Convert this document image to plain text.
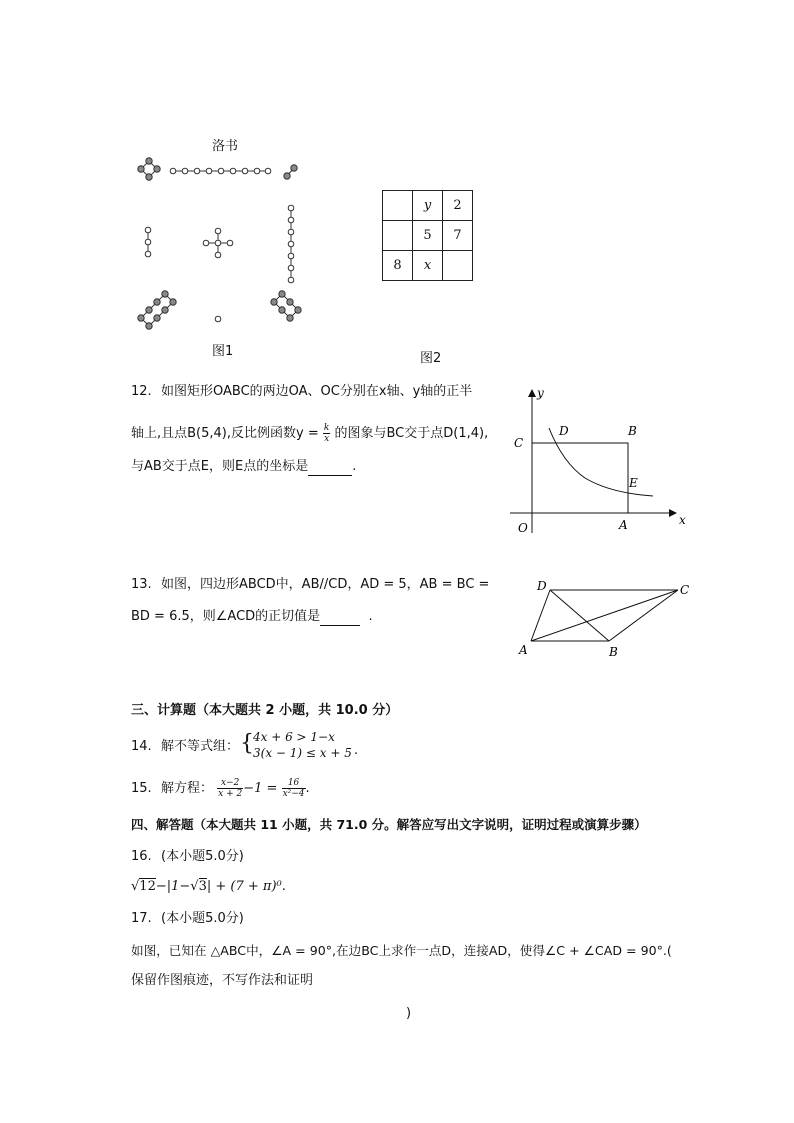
洛书
图1
	y	2
	5	7
8	x	
图2
12. 如图矩形OABC的两边OA、OC分别在x轴、y轴的正半
轴上,且点B(5,4),反比例函数$y = \frac{k}{x}$ 的图象与BC交于点D(1,4),
与AB交于点E，则E点的坐标是	.
y
x
O
C
D	B
E
A
13. 如图，四边形ABCD中，AB//CD，AD = 5，AB = BC =
BD = 6.5，则∠ACD的正切值是	.
D	C
A	B
三、计算题（本大题共 2 小题，共 10.0 分）
14. 解不等式组： { 4x + 6 > 1−x
3(x − 1) ≤ x + 5 .
15. 解方程： $\frac{x-2}{x + 2} -1 = \frac{16}{\text{x²−4}}$ .
四、解答题（本大题共 11 小题，共 71.0 分。解答应写出文字说明，证明过程或演算步骤）
16. (本小题5.0分)
√12−|1−√3| + (7 + π)⁰.
17. (本小题5.0分)
如图，已知在 △ABC中，∠A = 90°,在边BC上求作一点D，连接AD，使得∠C + ∠CAD = 90°.(
保留作图痕迹，不写作法和证明
)
